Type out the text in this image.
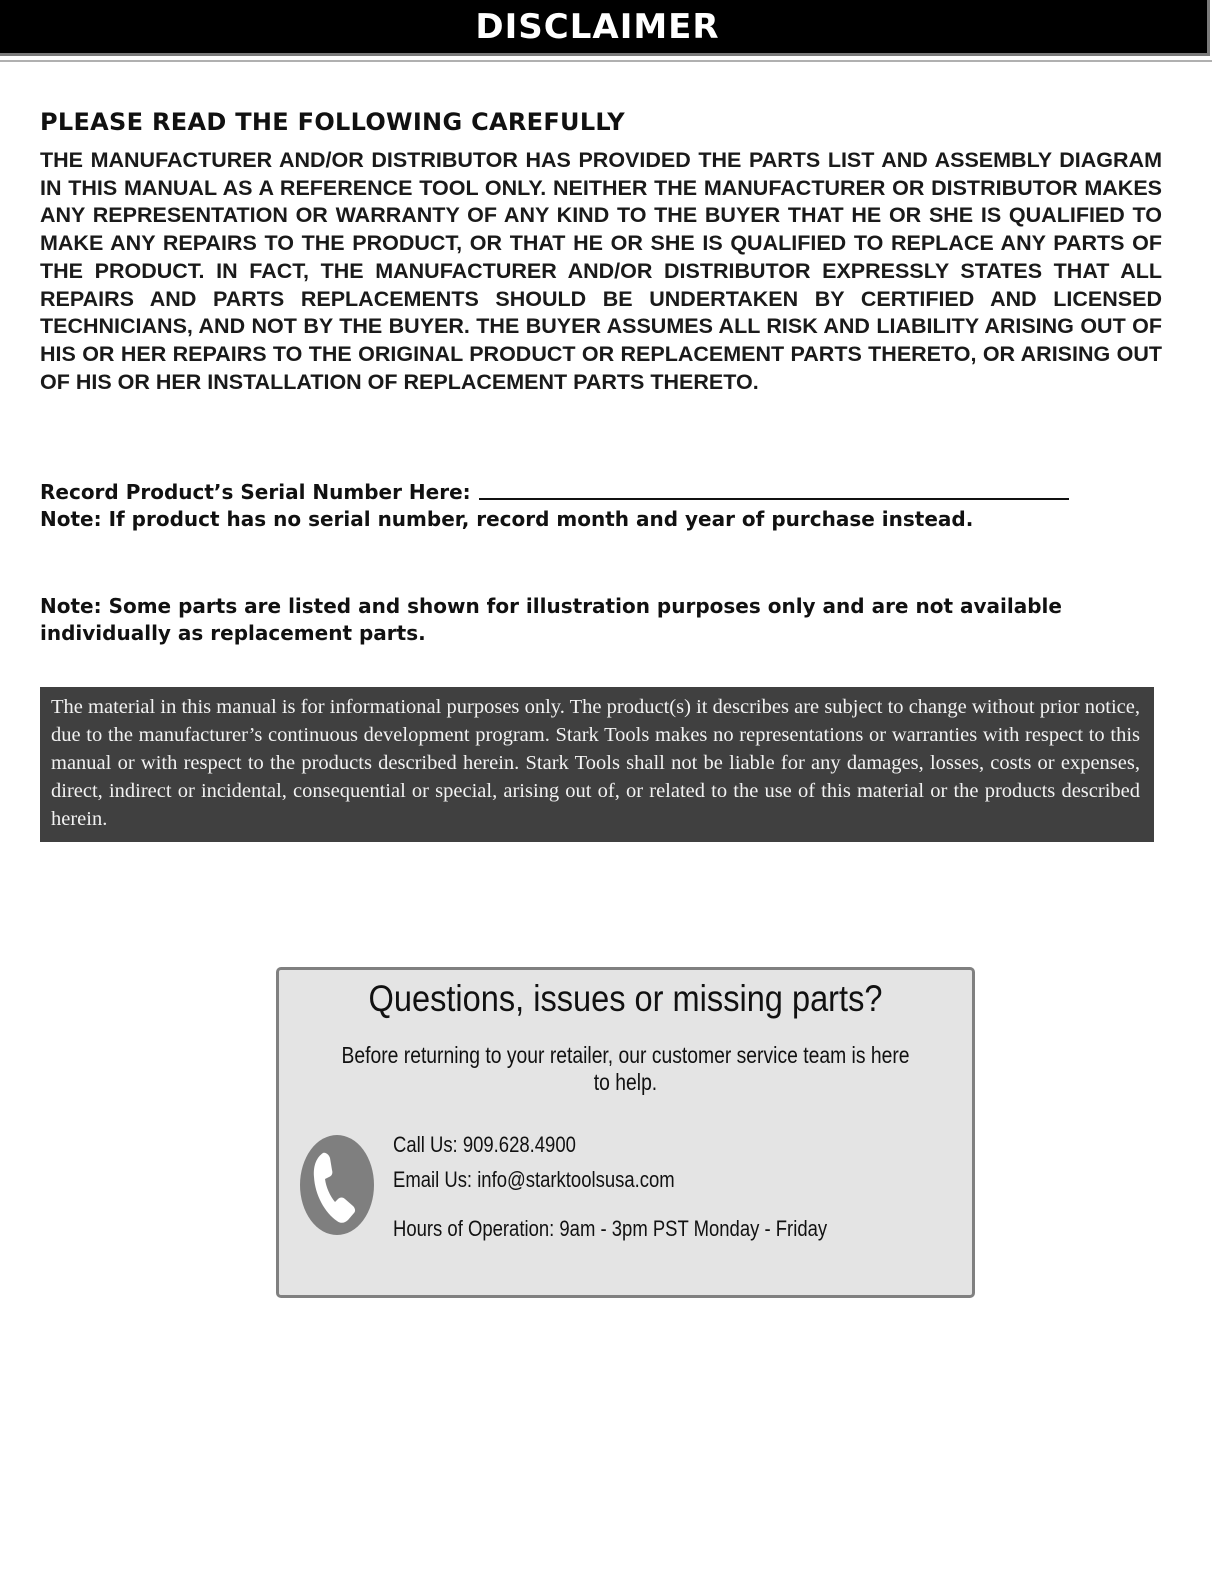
DISCLAIMER
PLEASE READ THE FOLLOWING CAREFULLY
THE MANUFACTURER AND/OR DISTRIBUTOR HAS PROVIDED THE PARTS LIST AND ASSEMBLY DIAGRAM IN THIS MANUAL AS A REFERENCE TOOL ONLY. NEITHER THE MANUFACTURER OR DISTRIBUTOR MAKES ANY REPRESENTATION OR WARRANTY OF ANY KIND TO THE BUYER THAT HE OR SHE IS QUALIFIED TO MAKE ANY REPAIRS TO THE PRODUCT, OR THAT HE OR SHE IS QUALIFIED TO REPLACE ANY PARTS OF THE PRODUCT. IN FACT, THE MANUFACTURER AND/OR DISTRIBUTOR EXPRESSLY STATES THAT ALL REPAIRS AND PARTS REPLACEMENTS SHOULD BE UNDERTAKEN BY CERTIFIED AND LICENSED TECHNICIANS, AND NOT BY THE BUYER. THE BUYER ASSUMES ALL RISK AND LIABILITY ARISING OUT OF HIS OR HER REPAIRS TO THE ORIGINAL PRODUCT OR REPLACEMENT PARTS THERETO, OR ARISING OUT OF HIS OR HER INSTALLATION OF REPLACEMENT PARTS THERETO.
Record Product’s Serial Number Here:
Note: If product has no serial number, record month and year of purchase instead.
Note: Some parts are listed and shown for illustration purposes only and are not available individually as replacement parts.
The material in this manual is for informational purposes only. The product(s) it describes are subject to change without prior notice, due to the manufacturer’s continuous development program. Stark Tools makes no representations or warranties with respect to this manual or with respect to the products described herein. Stark Tools shall not be liable for any damages, losses, costs or expenses, direct, indirect or incidental, consequential or special, arising out of, or related to the use of this material or the products described herein.
Questions, issues or missing parts?
Before returning to your retailer, our customer service team is here to help.
Call Us: 909.628.4900
Email Us: info@starktoolsusa.com
Hours of Operation: 9am - 3pm PST Monday - Friday
